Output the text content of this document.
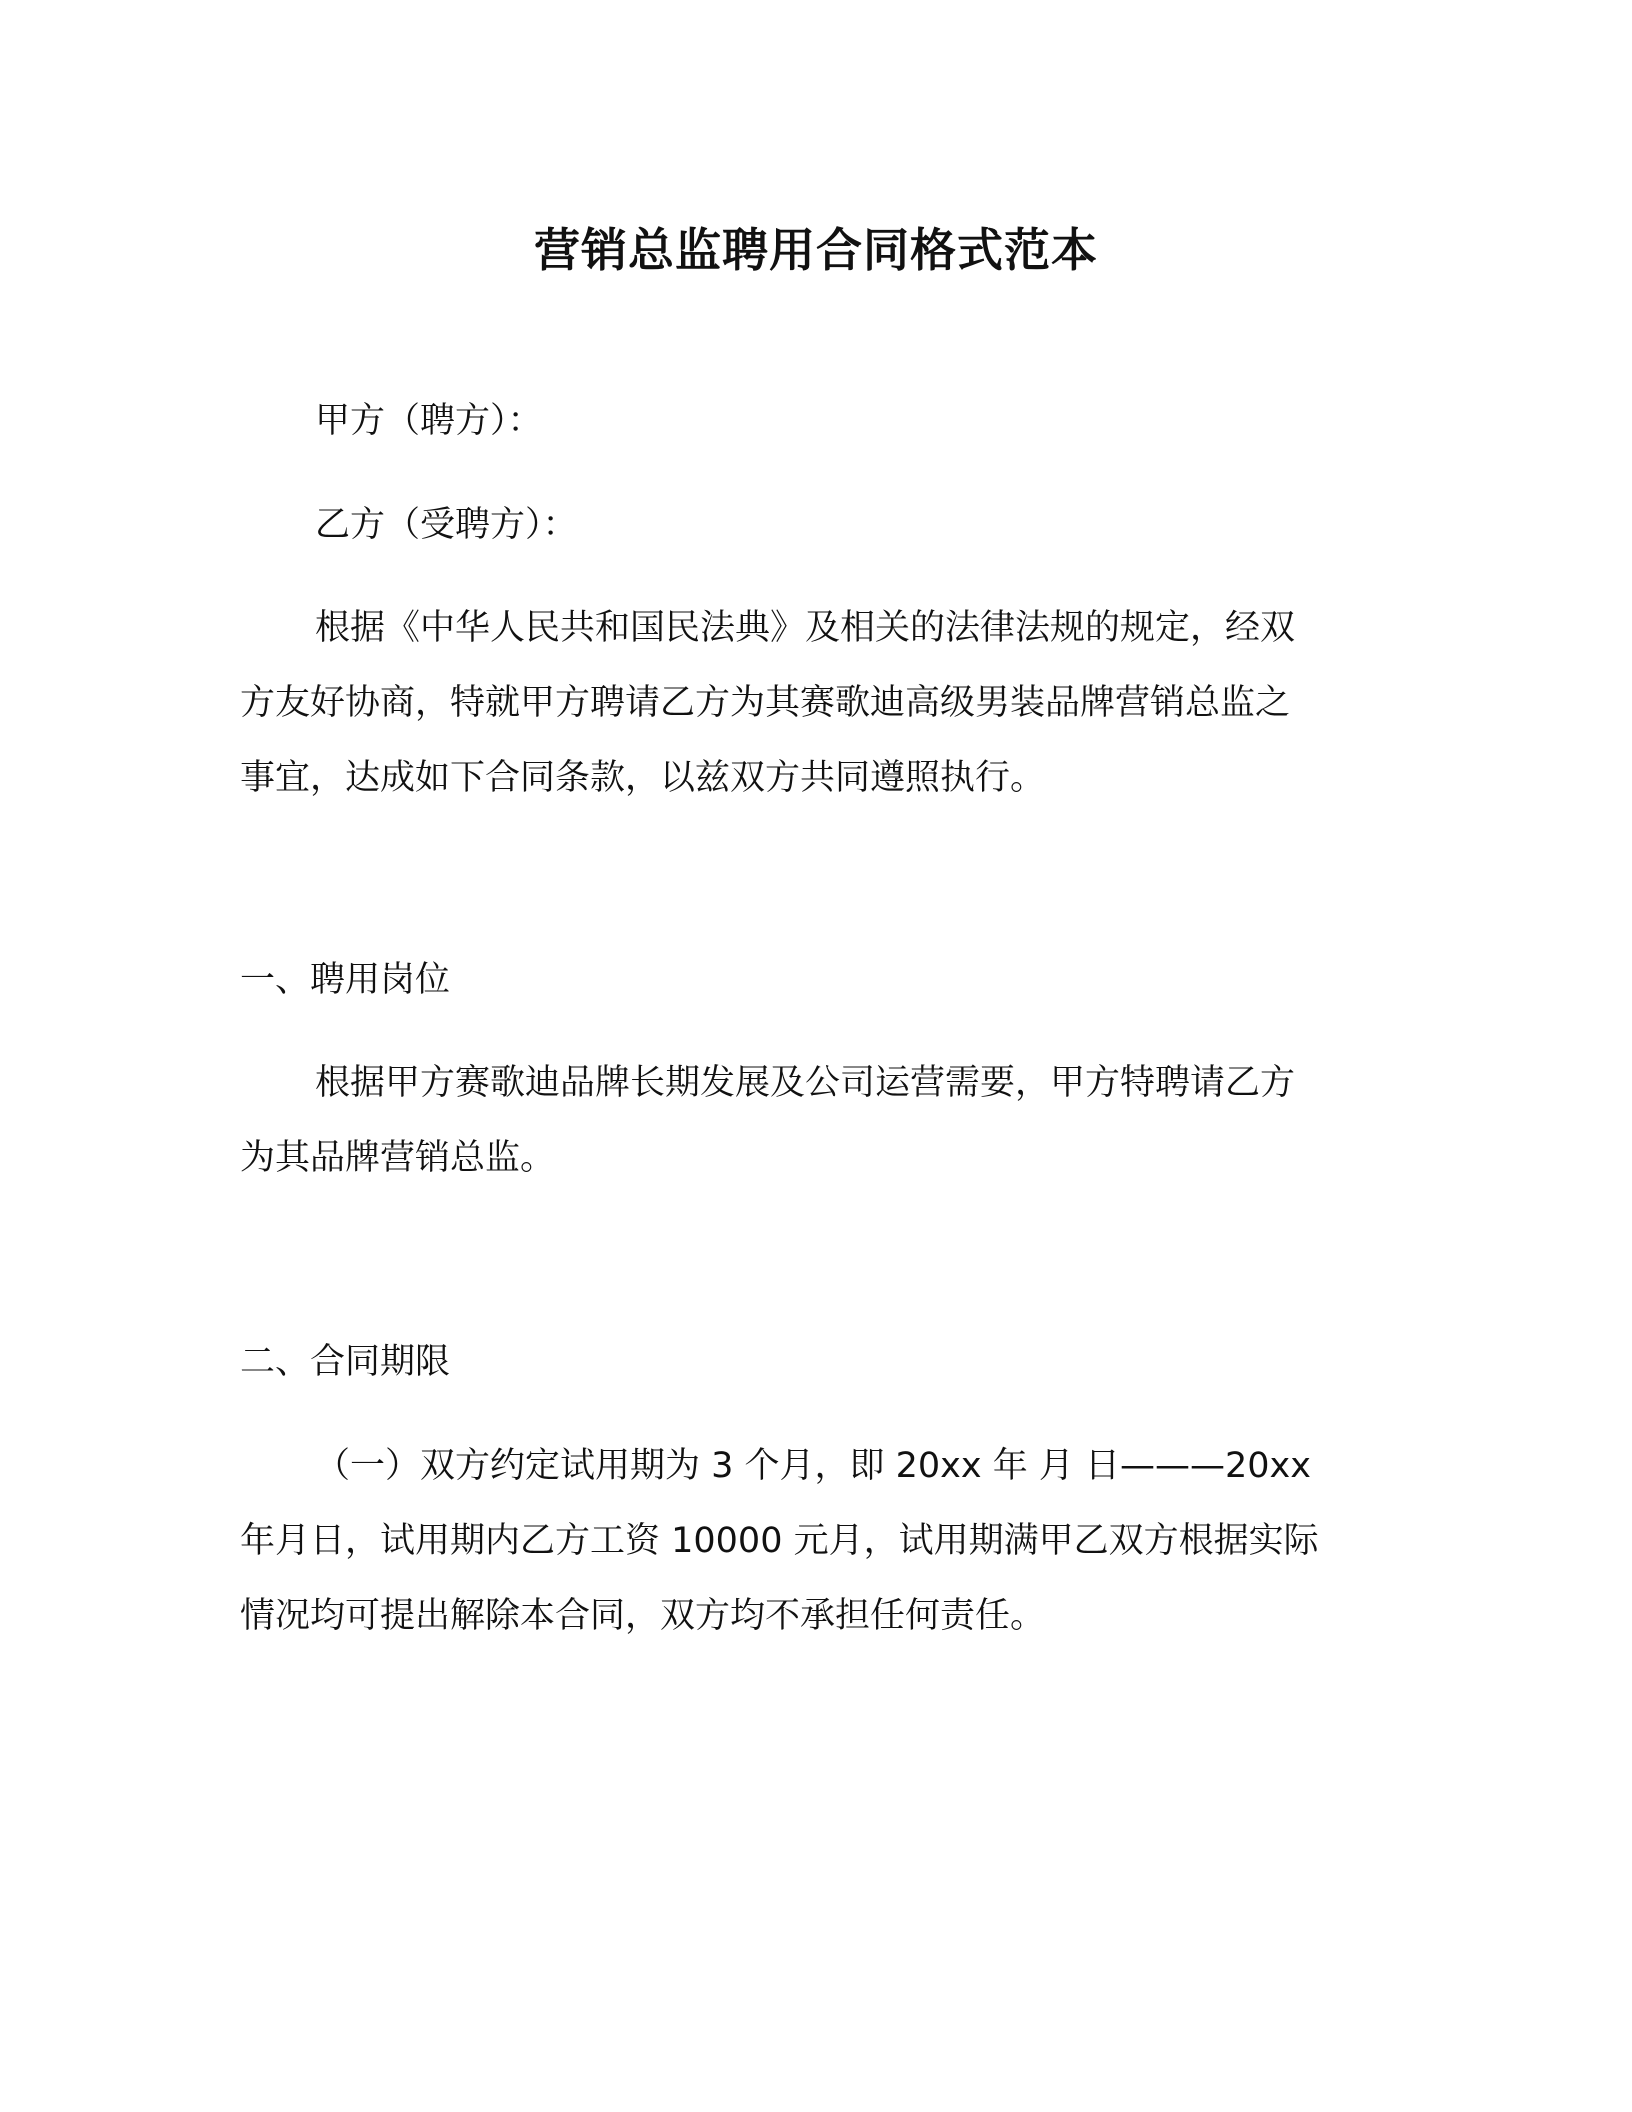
营销总监聘用合同格式范本
甲方（聘方）：
乙方（受聘方）：
根据《中华人民共和国民法典》及相关的法律法规的规定，经双
方友好协商，特就甲方聘请乙方为其赛歌迪高级男装品牌营销总监之
事宜，达成如下合同条款，以兹双方共同遵照执行。
一、聘用岗位
根据甲方赛歌迪品牌长期发展及公司运营需要，甲方特聘请乙方
为其品牌营销总监。
二、合同期限
（一）双方约定试用期为 3 个月，即 20xx 年 月 日———20xx
年月日，试用期内乙方工资 10000 元月，试用期满甲乙双方根据实际
情况均可提出解除本合同，双方均不承担任何责任。
